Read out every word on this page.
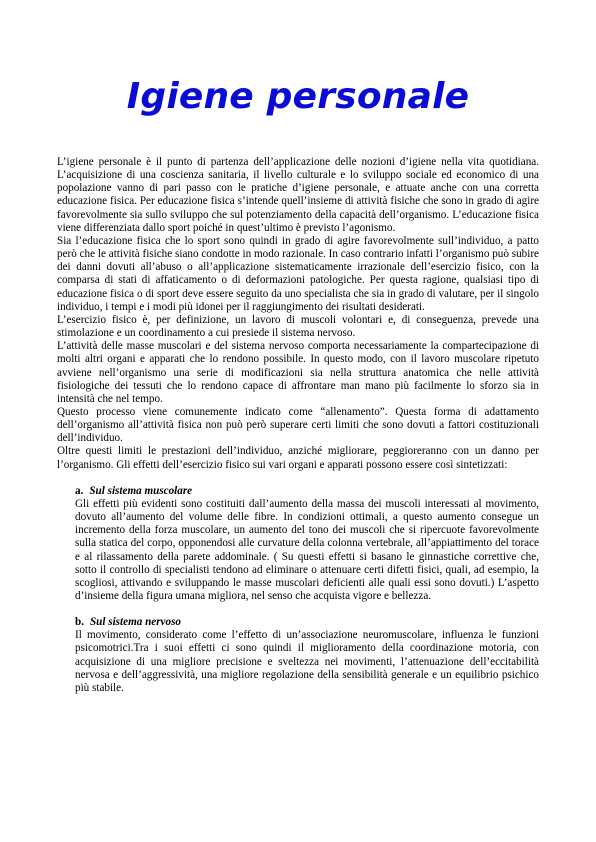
Igiene personale

L’igiene personale è il punto di partenza dell’applicazione delle nozioni d’igiene nella vita quotidiana. L’acquisizione di una coscienza sanitaria, il livello culturale e lo sviluppo sociale ed economico di una popolazione vanno di pari passo con le pratiche d’igiene personale, e attuate anche con una corretta educazione fisica. Per educazione fisica s’intende quell’insieme di attività fisiche che sono in grado di agire favorevolmente sia sullo sviluppo che sul potenziamento della capacità dell’organismo. L’educazione fisica viene differenziata dallo sport poiché in quest’ultimo è previsto l’agonismo.

Sia l’educazione fisica che lo sport sono quindi in grado di agire favorevolmente sull’individuo, a patto però che le attività fisiche siano condotte in modo razionale. In caso contrario infatti l’organismo può subire dei danni dovuti all’abuso o all’applicazione sistematicamente irrazionale dell’esercizio fisico, con la comparsa di stati di affaticamento o di deformazioni patologiche. Per questa ragione, qualsiasi tipo di educazione fisica o di sport deve essere seguito da uno specialista che sia in grado di valutare, per il singolo individuo, i tempi e i modi più idonei per il raggiungimento dei risultati desiderati.

L’esercizio fisico è, per definizione, un lavoro di muscoli volontari e, di conseguenza, prevede una stimolazione e un coordinamento a cui presiede il sistema nervoso.

L’attività delle masse muscolari e del sistema nervoso comporta necessariamente la compartecipazione di molti altri organi e apparati che lo rendono possibile. In questo modo, con il lavoro muscolare ripetuto avviene nell’organismo una serie di modificazioni sia nella struttura anatomica che nelle attività fisiologiche dei tessuti che lo rendono capace di affrontare man mano più facilmente lo sforzo sia in intensità che nel tempo.

Questo processo viene comunemente indicato come “allenamento”. Questa forma di adattamento dell’organismo all’attività fisica non può però superare certi limiti che sono dovuti a fattori costituzionali dell’individuo.

Oltre questi limiti le prestazioni dell’individuo, anziché migliorare, peggioreranno con un danno per l’organismo. Gli effetti dell’esercizio fisico sui vari organi e apparati possono essere così sintetizzati:

a. Sul sistema muscolare

Gli effetti più evidenti sono costituiti dall’aumento della massa dei muscoli interessati al movimento, dovuto all’aumento del volume delle fibre. In condizioni ottimali, a questo aumento consegue un incremento della forza muscolare, un aumento del tono dei muscoli che si ripercuote favorevolmente sulla statica del corpo, opponendosi alle curvature della colonna vertebrale, all’appiattimento del torace e al rilassamento della parete addominale. ( Su questi effetti si basano le ginnastiche correttive che, sotto il controllo di specialisti tendono ad eliminare o attenuare certi difetti fisici, quali, ad esempio, la scogliosi, attivando e sviluppando le masse muscolari deficienti alle quali essi sono dovuti.) L’aspetto d’insieme della figura umana migliora, nel senso che acquista vigore e bellezza.

b. Sul sistema nervoso

Il movimento, considerato come l’effetto di un’associazione neuromuscolare, influenza le funzioni psicomotrici.Tra i suoi effetti ci sono quindi il miglioramento della coordinazione motoria, con acquisizione di una migliore precisione e sveltezza nei movimenti, l’attenuazione dell’eccitabilità nervosa e dell’aggressività, una migliore regolazione della sensibilità generale e un equilibrio psichico più stabile.
